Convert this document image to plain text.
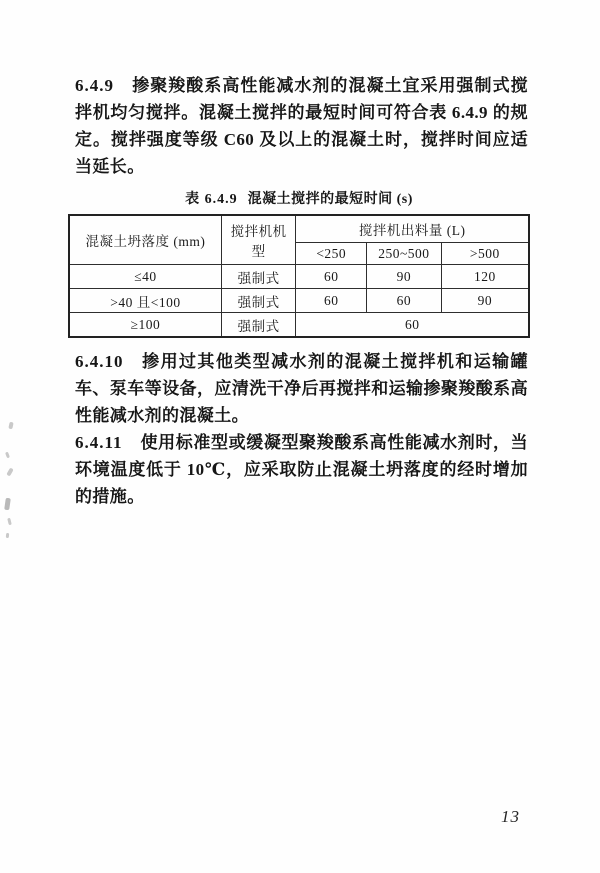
6.4.9 掺聚羧酸系高性能减水剂的混凝土宜采用强制式搅拌机均匀搅拌。混凝土搅拌的最短时间可符合表 6.4.9 的规定。搅拌强度等级 C60 及以上的混凝土时，搅拌时间应适当延长。

表 6.4.9 混凝土搅拌的最短时间 (s)
混凝土坍落度 (mm)	搅拌机机型	搅拌机出料量 (L)		
		<250	250~500	>500
≤40	强制式	60	90	120
>40 且<100	强制式	60	60	90
≥100	强制式	60		

6.4.10 掺用过其他类型减水剂的混凝土搅拌机和运输罐车、泵车等设备，应清洗干净后再搅拌和运输掺聚羧酸系高性能减水剂的混凝土。

6.4.11 使用标准型或缓凝型聚羧酸系高性能减水剂时，当环境温度低于 10℃，应采取防止混凝土坍落度的经时增加的措施。

13
